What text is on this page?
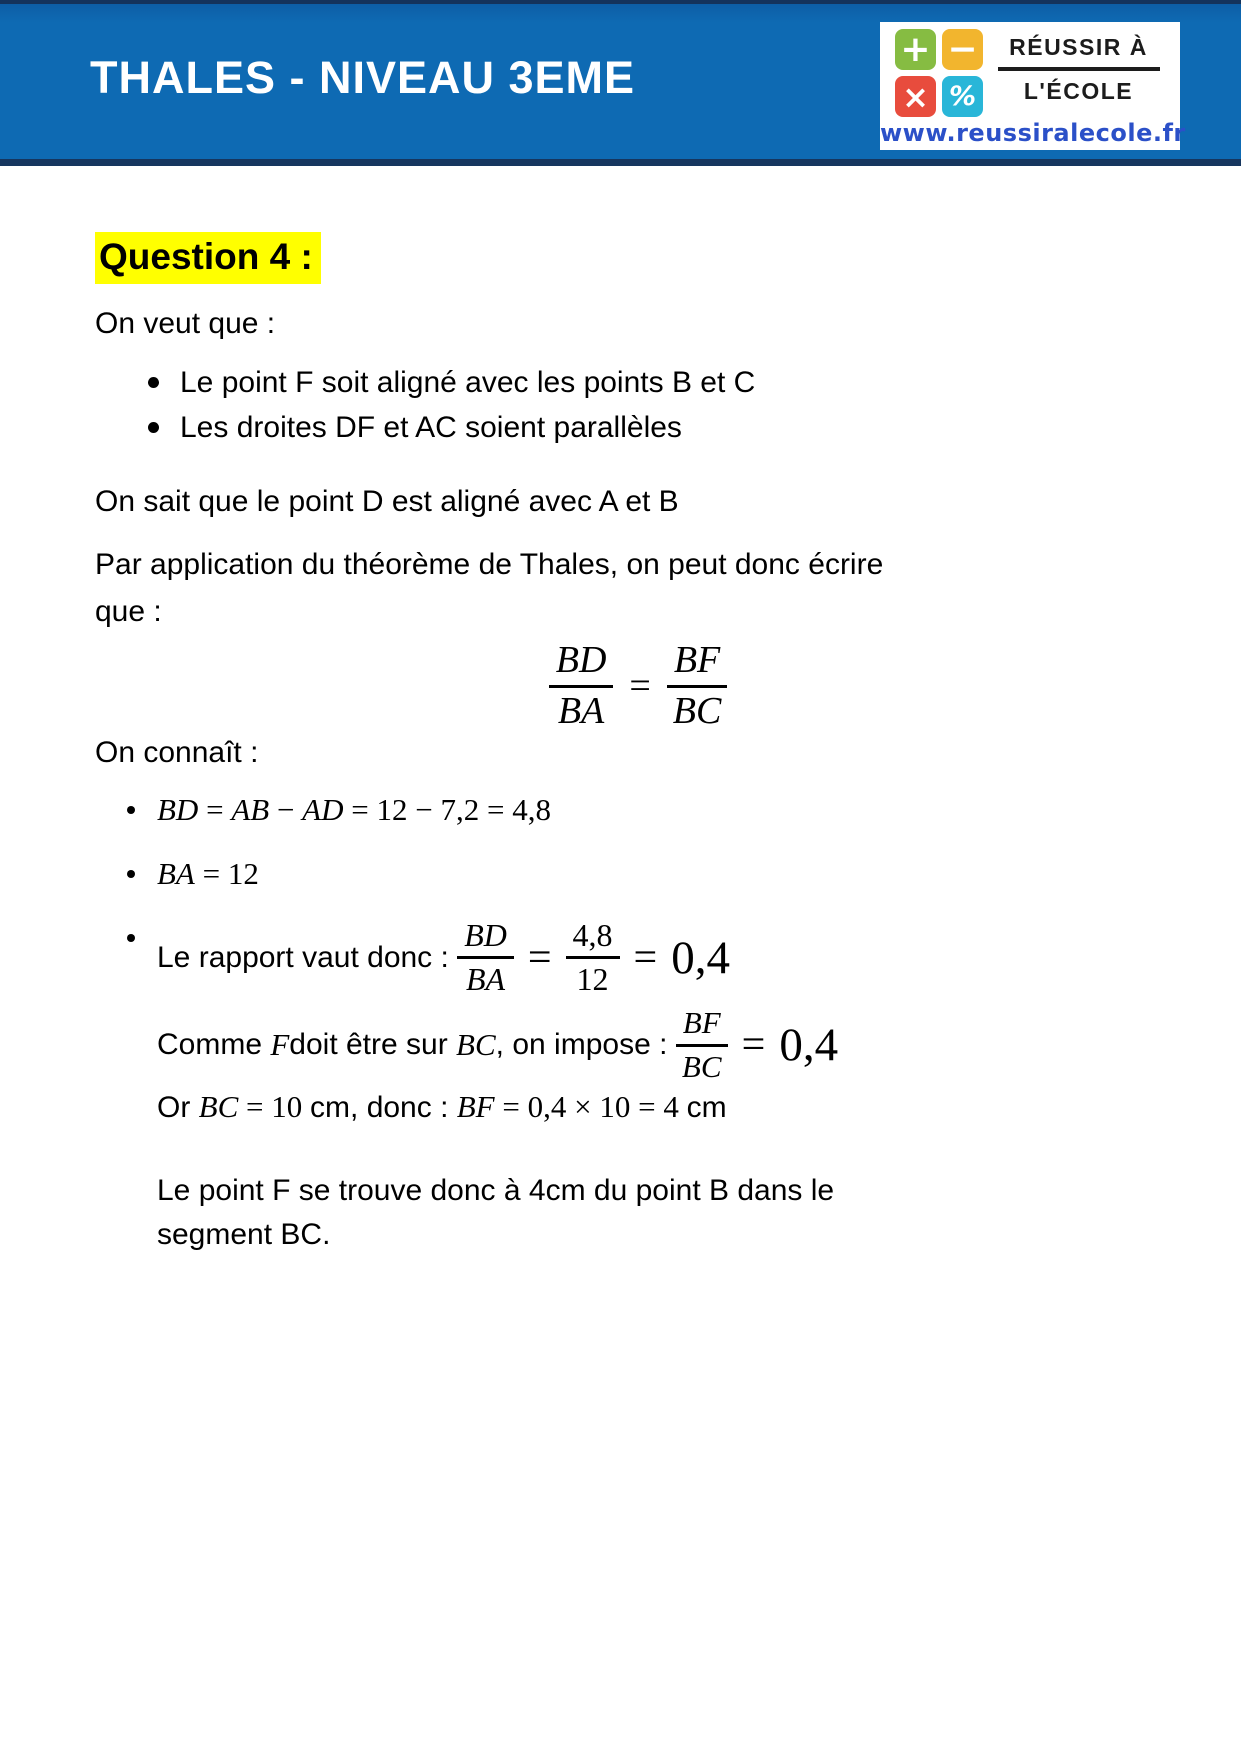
THALES - NIVEAU 3EME
+ −
× %
RÉUSSIR À
L'ÉCOLE
www.reussiralecole.fr
Question 4 :

On veut que :

Le point F soit aligné avec les points B et C
Les droites DF et AC soient parallèles

On sait que le point D est aligné avec A et B

Par application du théorème de Thales, on peut donc écrire
que :

$\frac{BD}{BA} = \frac{BF}{BC}$

On connaît :

BD = AB − AD = 12 − 7,2 = 4,8
BA = 12
Le rapport vaut donc : $\frac{BD}{BA} = \frac{4,8}{12} = 0,4$
Comme F doit être sur BC , on impose : $\frac{BF}{BC} = 0,4$
Or BC = 10 cm, donc : BF = 0,4 × 10 = 4 cm

Le point F se trouve donc à 4cm du point B dans le
segment BC.
